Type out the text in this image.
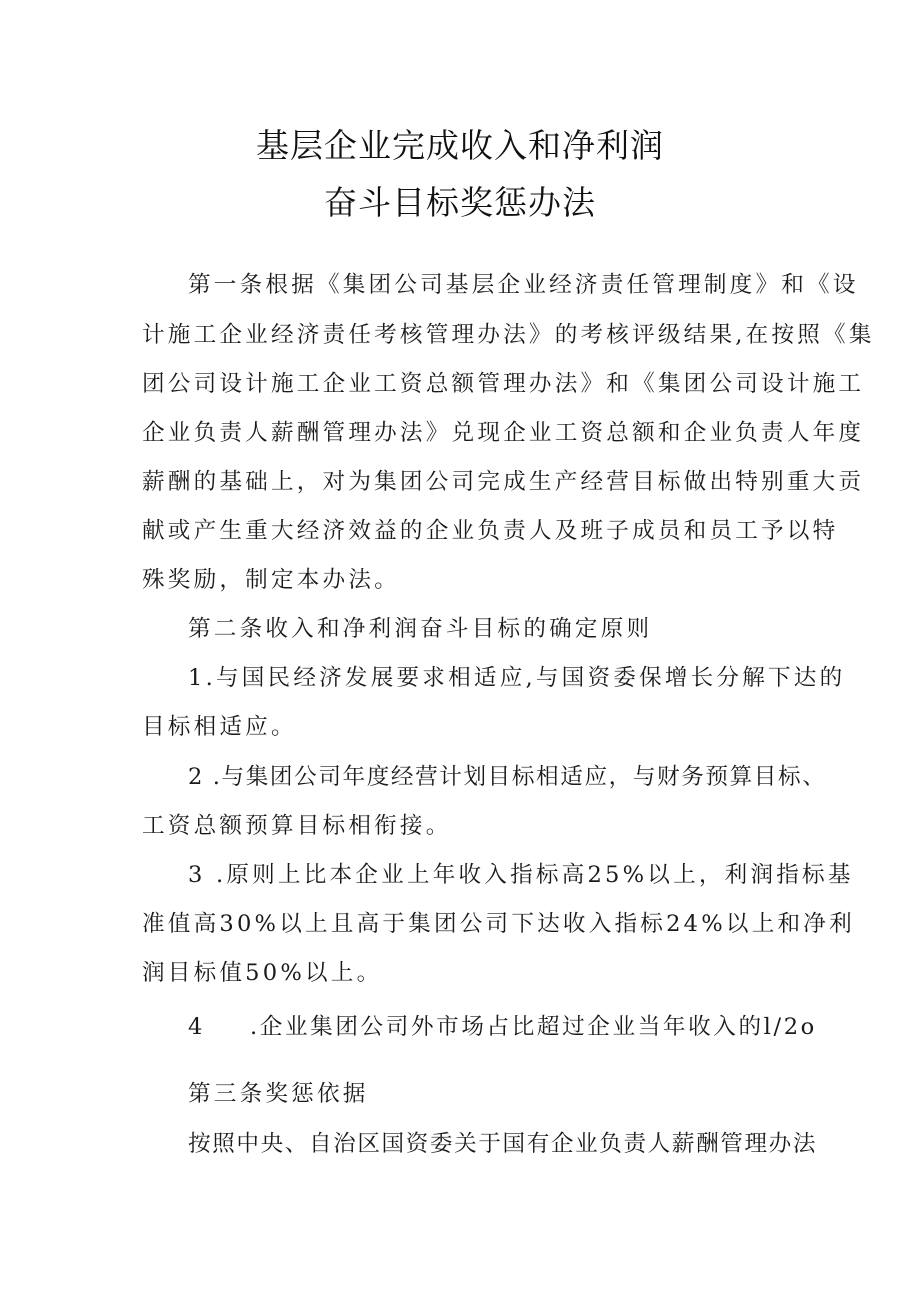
基层企业完成收入和净利润
奋斗目标奖惩办法
第一条根据《集团公司基层企业经济责任管理制度》和《设
计施工企业经济责任考核管理办法》的考核评级结果,在按照《集
团公司设计施工企业工资总额管理办法》和《集团公司设计施工
企业负责人薪酬管理办法》兑现企业工资总额和企业负责人年度
薪酬的基础上，对为集团公司完成生产经营目标做出特别重大贡
献或产生重大经济效益的企业负责人及班子成员和员工予以特
殊奖励，制定本办法。
第二条收入和净利润奋斗目标的确定原则
1.与国民经济发展要求相适应,与国资委保增长分解下达的
目标相适应。
2 .与集团公司年度经营计划目标相适应，与财务预算目标、
工资总额预算目标相衔接。
3 .原则上比本企业上年收入指标高25%以上，利润指标基
准值高30%以上且高于集团公司下达收入指标24%以上和净利
润目标值50%以上。
4 .企业集团公司外市场占比超过企业当年收入的l/2o
第三条奖惩依据
按照中央、自治区国资委关于国有企业负责人薪酬管理办法
